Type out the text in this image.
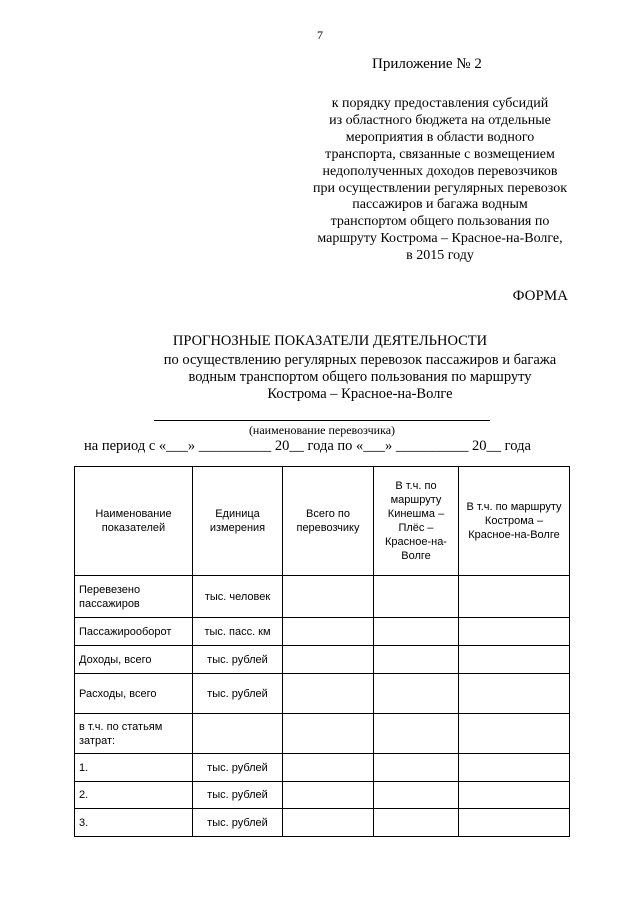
7
Приложение № 2
к порядку предоставления субсидий
из областного бюджета на отдельные
мероприятия в области водного
транспорта, связанные с возмещением
недополученных доходов перевозчиков
при осуществлении регулярных перевозок
пассажиров и багажа водным
транспортом общего пользования по
маршруту Кострома – Красное-на-Волге,
в 2015 году
ФОРМА
ПРОГНОЗНЫЕ ПОКАЗАТЕЛИ ДЕЯТЕЛЬНОСТИ
по осуществлению регулярных перевозок пассажиров и багажа
водным транспортом общего пользования по маршруту
Кострома – Красное-на-Волге
(наименование перевозчика)
на период с «___» __________ 20__ года по «___» __________ 20__ года
Наименование показателей	Единица измерения	Всего по перевозчику	В т.ч. по маршруту Кинешма – Плёс – Красное-на-Волге	В т.ч. по маршруту Кострома – Красное-на-Волге
Перевезено пассажиров	тыс. человек			
Пассажирооборот	тыс. пасс. км			
Доходы, всего	тыс. рублей			
Расходы, всего	тыс. рублей			
в т.ч. по статьям затрат:				
1.	тыс. рублей			
2.	тыс. рублей			
3.	тыс. рублей			
